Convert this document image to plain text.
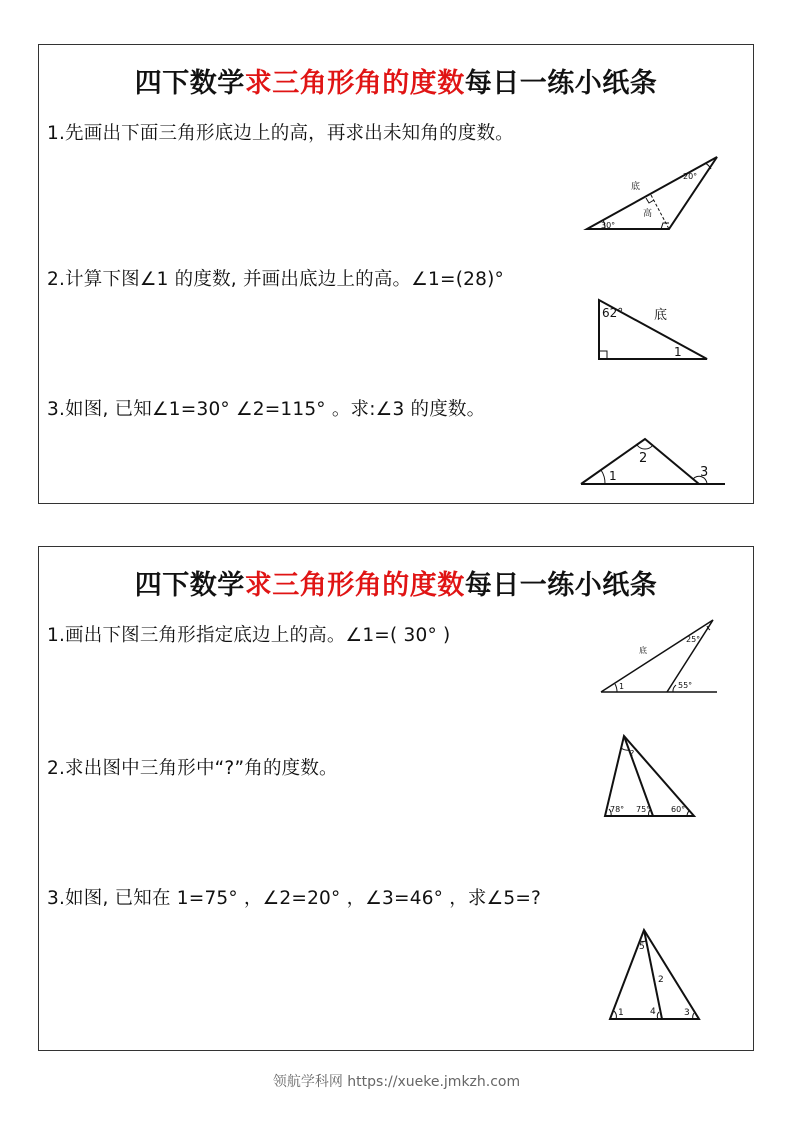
四下数学求三角形角的度数每日一练小纸条
1.先画出下面三角形底边上的高，再求出未知角的度数。
底
20°
高
30°
2.计算下图∠1 的度数, 并画出底边上的高。∠1=(28)°
62° 底
1
3.如图, 已知∠1=30° ∠2=115° 。求:∠3 的度数。
2
1	3
四下数学求三角形角的度数每日一练小纸条
1.画出下图三角形指定底边上的高。∠1=( 30° )
底
25°
1	55°
2.求出图中三角形中“?”角的度数。
?
78° 75°	60°
3.如图, 已知在 1=75° ，∠2=20° ，∠3=46° ，求∠5=?
5
2
1	4	3
领航学科网 https://xueke.jmkzh.com
